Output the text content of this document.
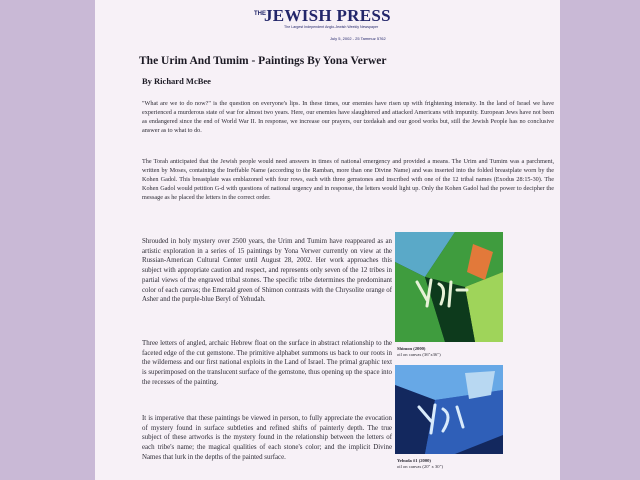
THE
JEWISH PRESS
The Largest Independent Anglo-Jewish Weekly Newspaper
July 5, 2002 - 25 Tammuz 5762
The Urim And Tumim - Paintings By Yona Verwer
By Richard McBee

"What are we to do now?" is the question on everyone's lips. In these times, our enemies have risen up with frightening intensity. In the land of Israel we have experienced a murderous state of war for almost two years. Here, our enemies have slaughtered and attacked Americans with impunity. European Jews have not been as endangered since the end of World War II. In response, we increase our prayers, our tzedakah and our good works but, still the Jewish People has no conclusive answer as to what to do.

The Torah anticipated that the Jewish people would need answers in times of national emergency and provided a means. The Urim and Tumim was a parchment, written by Moses, containing the Ineffable Name (according to the Ramban, more than one Divine Name) and was inserted into the folded breastplate worn by the Kohen Gadol. This breastplate was emblazoned with four rows, each with three gemstones and inscribed with one of the 12 tribal names (Exodus 28:15-30). The Kohen Gadol would petition G-d with questions of national urgency and in response, the letters would light up. Only the Kohen Gadol had the power to decipher the message as he placed the letters in the correct order.

Shrouded in holy mystery over 2500 years, the Urim and Tumim have reappeared as an artistic exploration in a series of 15 paintings by Yona Verwer currently on view at the Russian-American Cultural Center until August 28, 2002. Her work approaches this subject with appropriate caution and respect, and represents only seven of the 12 tribes in partial views of the engraved tribal stones. The specific tribe determines the predominant color of each canvas; the Emerald green of Shimon contrasts with the Chrysolite orange of Asher and the purple-blue Beryl of Yehudah.

Three letters of angled, archaic Hebrew float on the surface in abstract relationship to the faceted edge of the cut gemstone. The primitive alphabet summons us back to our roots in the wilderness and our first national exploits in the Land of Israel. The primal graphic text is superimposed on the translucent surface of the gemstone, thus opening up the space into the recesses of the painting.

It is imperative that these paintings be viewed in person, to fully appreciate the evocation of mystery found in surface subtleties and refined shifts of painterly depth. The true subject of these artworks is the mystery found in the relationship between the letters of each tribe's name; the magical qualities of each stone's color; and the implicit Divine Names that lurk in the depths of the painted surface.

Shimon (2000)
oil on canvas (36"x36")
Yehuda #1 (2000)
oil on canvas (20" x 30")
